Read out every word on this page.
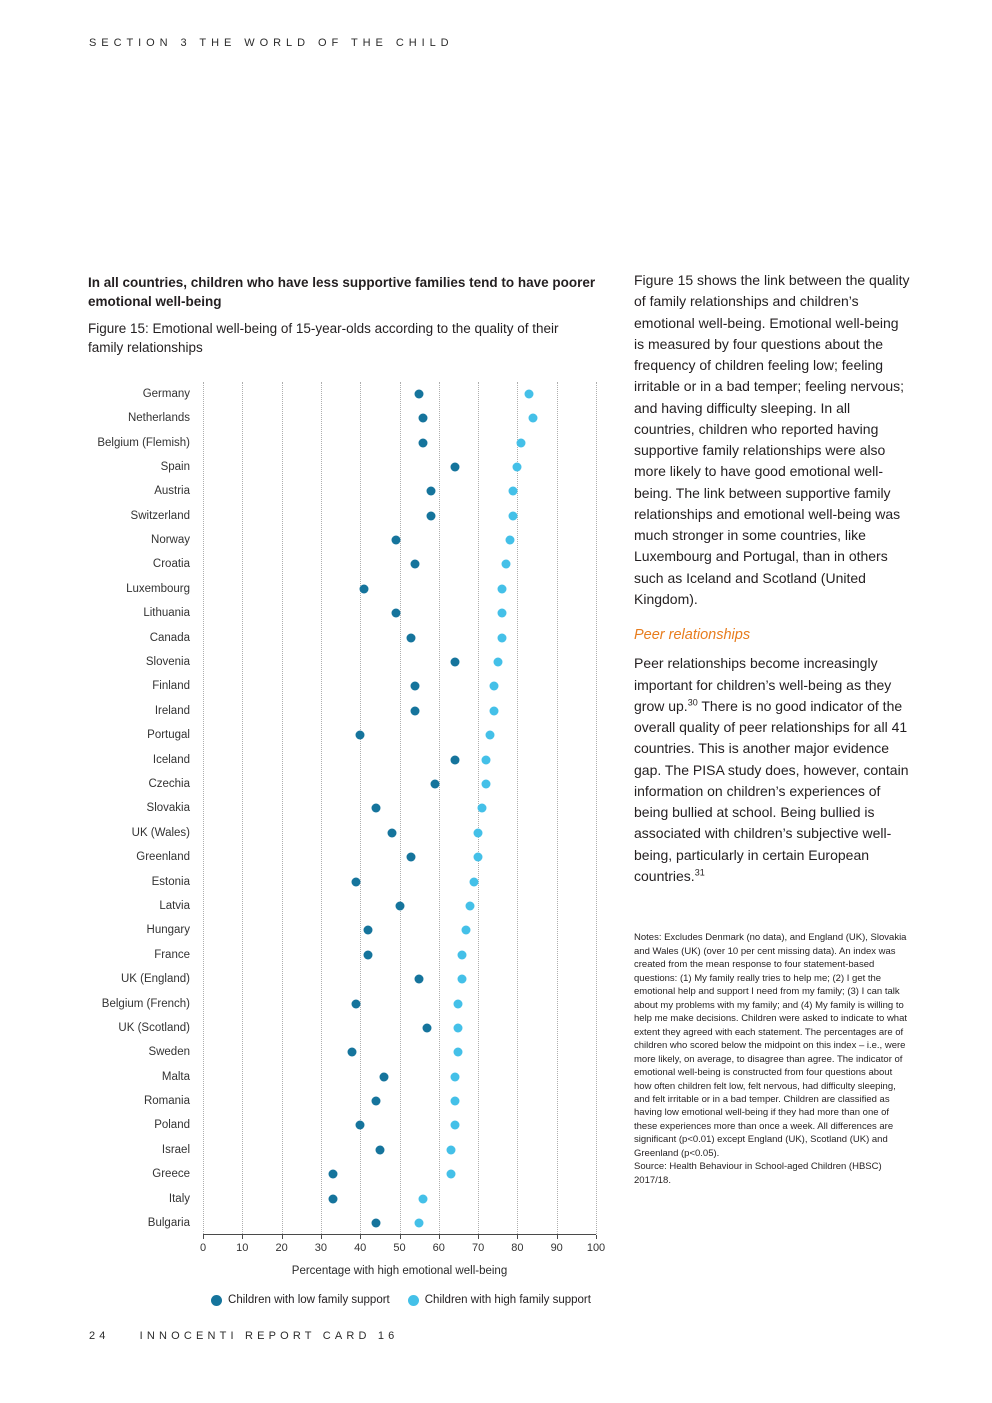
SECTION 3 THE WORLD OF THE CHILD
In all countries, children who have less supportive families tend to have poorer emotional well-being
Figure 15: Emotional well-being of 15-year-olds according to the quality of their family relationships
Germany
Netherlands
Belgium (Flemish)
Spain
Austria
Switzerland
Norway
Croatia
Luxembourg
Lithuania
Canada
Slovenia
Finland
Ireland
Portugal
Iceland
Czechia
Slovakia
UK (Wales)
Greenland
Estonia
Latvia
Hungary
France
UK (England)
Belgium (French)
UK (Scotland)
Sweden
Malta
Romania
Poland
Israel
Greece
Italy
Bulgaria
0	10 20 30 40 50 60 70 80 90 100
Percentage with high emotional well-being
Children with low family support	Children with high family support

Figure 15 shows the link between the quality of family relationships and children’s emotional well-being. Emotional well-being is measured by four questions about the frequency of children feeling low; feeling irritable or in a bad temper; feeling nervous; and having difficulty sleeping. In all countries, children who reported having supportive family relationships were also more likely to have good emotional well-being. The link between supportive family relationships and emotional well-being was much stronger in some countries, like Luxembourg and Portugal, than in others such as Iceland and Scotland (United Kingdom).

Peer relationships

Peer relationships become increasingly important for children’s well-being as they grow up.$^{30}$ There is no good indicator of the overall quality of peer relationships for all 41 countries. This is another major evidence gap. The PISA study does, however, contain information on children’s experiences of being bullied at school. Being bullied is associated with children’s subjective well-being, particularly in certain European countries.$^{31}$

Notes: Excludes Denmark (no data), and England (UK), Slovakia and Wales (UK) (over 10 per cent missing data). An index was created from the mean response to four statement-based questions: (1) My family really tries to help me; (2) I get the emotional help and support I need from my family; (3) I can talk about my problems with my family; and (4) My family is willing to help me make decisions. Children were asked to indicate to what extent they agreed with each statement. The percentages are of children who scored below the midpoint on this index – i.e., were more likely, on average, to disagree than agree. The indicator of emotional well-being is constructed from four questions about how often children felt low, felt nervous, had difficulty sleeping, and felt irritable or in a bad temper. Children are classified as having low emotional well-being if they had more than one of these experiences more than once a week. All differences are significant (p<0.01) except England (UK), Scotland (UK) and Greenland (p<0.05).

Source: Health Behaviour in School-aged Children (HBSC) 2017/18.

24	INNOCENTI REPORT CARD 16
